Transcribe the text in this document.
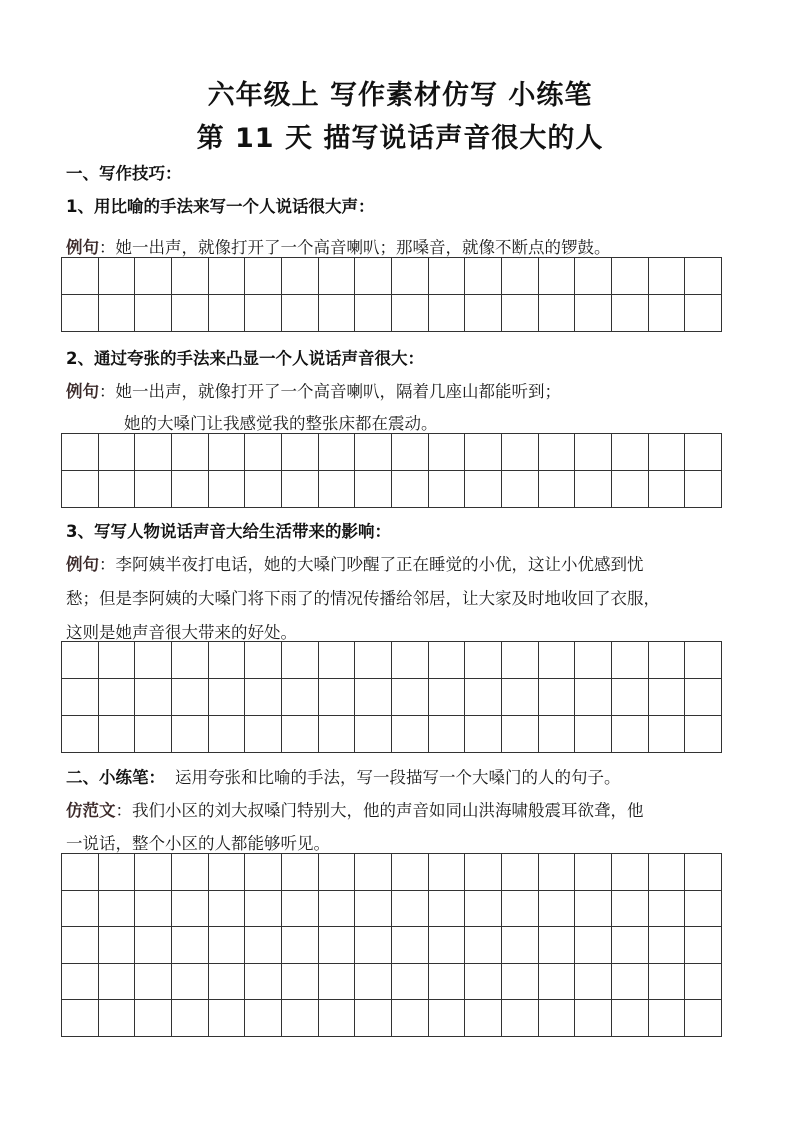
六年级上 写作素材仿写 小练笔
第 11 天 描写说话声音很大的人
一、写作技巧：
1、用比喻的手法来写一个人说话很大声：
例句：她一出声，就像打开了一个高音喇叭；那嗓音，就像不断点的锣鼓。
2、通过夸张的手法来凸显一个人说话声音很大：
例句：她一出声，就像打开了一个高音喇叭，隔着几座山都能听到；
她的大嗓门让我感觉我的整张床都在震动。
3、写写人物说话声音大给生活带来的影响：
例句：李阿姨半夜打电话，她的大嗓门吵醒了正在睡觉的小优，这让小优感到忧
愁；但是李阿姨的大嗓门将下雨了的情况传播给邻居，让大家及时地收回了衣服，
这则是她声音很大带来的好处。
二、小练笔： 运用夸张和比喻的手法，写一段描写一个大嗓门的人的句子。
仿范文：我们小区的刘大叔嗓门特别大，他的声音如同山洪海啸般震耳欲聋，他
一说话，整个小区的人都能够听见。
